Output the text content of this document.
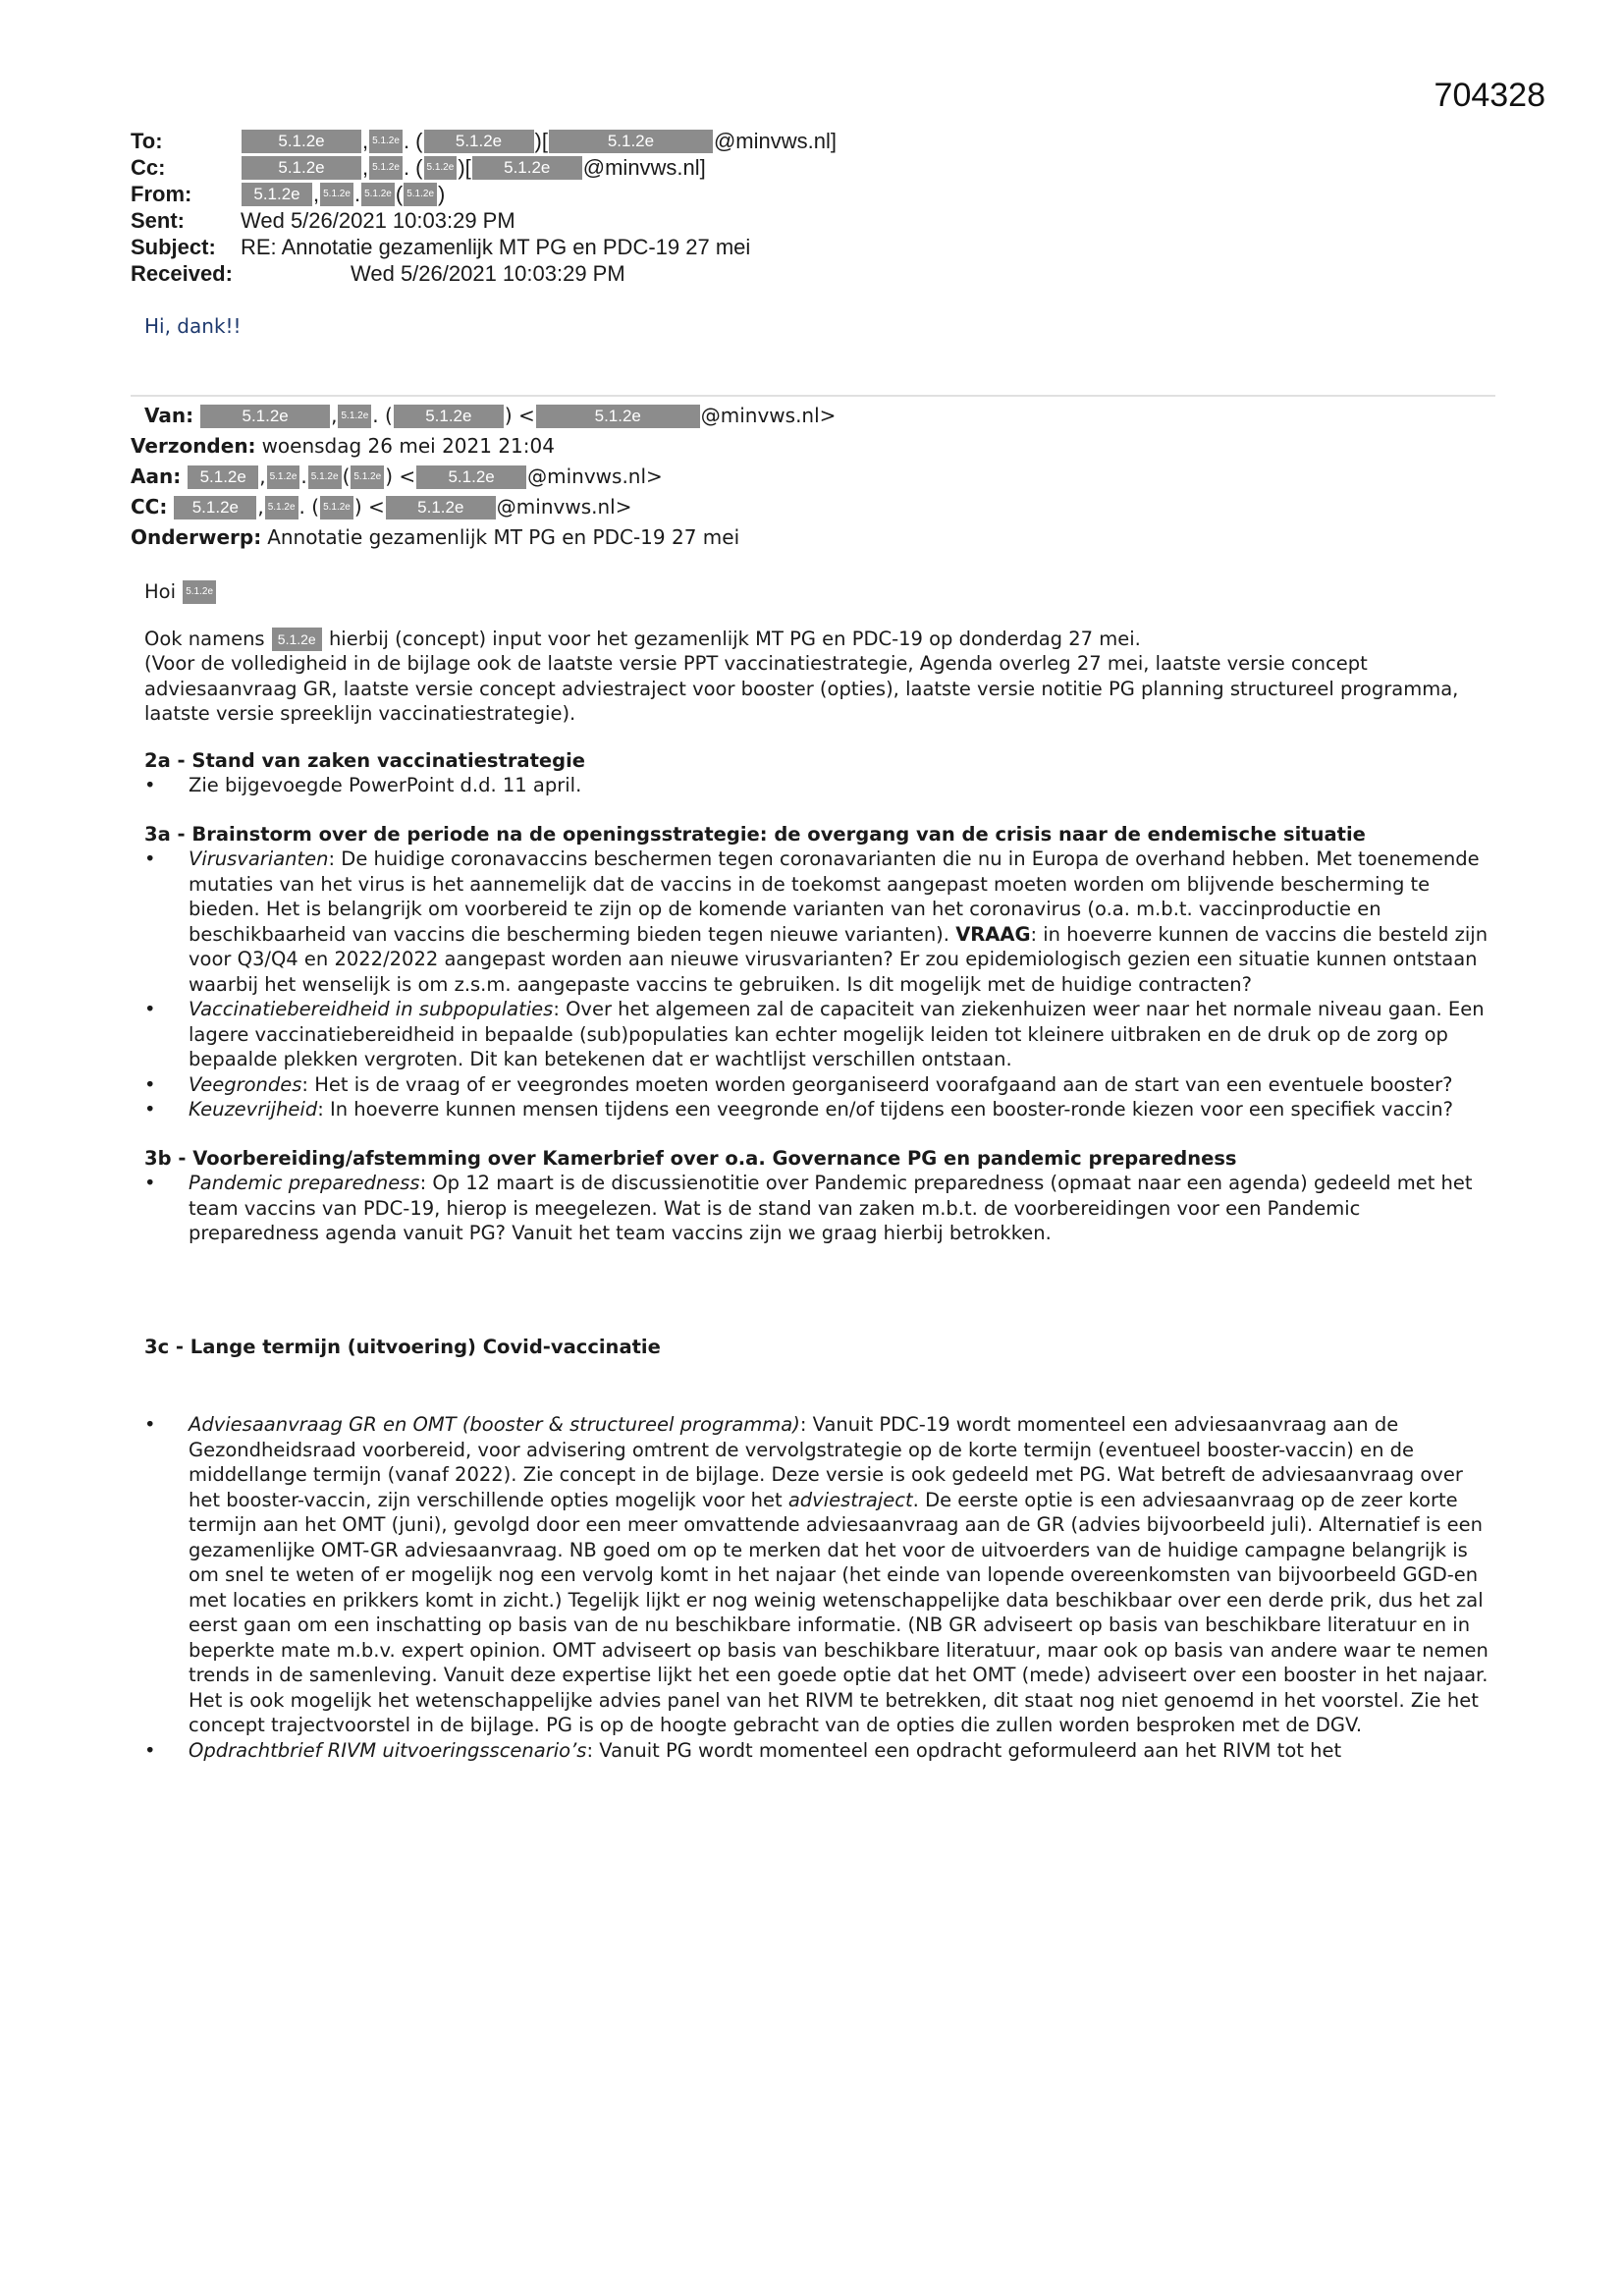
704328
To:	5.1.2e	, 5.1.2e . (	5.1.2e	)[	5.1.2e	@minvws.nl]
Cc:	5.1.2e	, 5.1.2e . ( 5.1.2e )[	5.1.2e	@minvws.nl]
From:	5.1.2e , 5.1.2e . 5.1.2e ( 5.1.2e )
Sent:	Wed 5/26/2021 10:03:29 PM
Subject:	RE: Annotatie gezamenlijk MT PG en PDC-19 27 mei
Received:	Wed 5/26/2021 10:03:29 PM
Hi, dank!!
Van:	5.1.2e	, 5.1.2e . (	5.1.2e	) <	5.1.2e	@minvws.nl>
Verzonden: woensdag 26 mei 2021 21:04
Aan:	5.1.2e , 5.1.2e . 5.1.2e ( 5.1.2e ) <	5.1.2e	@minvws.nl>
CC:	5.1.2e , 5.1.2e . ( 5.1.2e ) <	5.1.2e	@minvws.nl>
Onderwerp: Annotatie gezamenlijk MT PG en PDC-19 27 mei

Hoi
	5.1.2e

Ook namens 5.1.2e hierbij (concept) input voor het gezamenlijk MT PG en PDC-19 op donderdag 27 mei.
(Voor de volledigheid in de bijlage ook de laatste versie PPT vaccinatiestrategie, Agenda overleg 27 mei, laatste versie concept adviesaanvraag GR, laatste versie concept adviestraject voor booster (opties), laatste versie notitie PG planning structureel programma, laatste versie spreeklijn vaccinatiestrategie).

2a - Stand van zaken vaccinatiestrategie

• Zie bijgevoegde PowerPoint d.d. 11 april.

3a - Brainstorm over de periode na de openingsstrategie: de overgang van de crisis naar de endemische situatie

• Virusvarianten: De huidige coronavaccins beschermen tegen coronavarianten die nu in Europa de overhand hebben. Met toenemende mutaties van het virus is het aannemelijk dat de vaccins in de toekomst aangepast moeten worden om blijvende bescherming te bieden. Het is belangrijk om voorbereid te zijn op de komende varianten van het coronavirus (o.a. m.b.t. vaccinproductie en beschikbaarheid van vaccins die bescherming bieden tegen nieuwe varianten). VRAAG: in hoeverre kunnen de vaccins die besteld zijn voor Q3/Q4 en 2022/2022 aangepast worden aan nieuwe virusvarianten? Er zou epidemiologisch gezien een situatie kunnen ontstaan waarbij het wenselijk is om z.s.m. aangepaste vaccins te gebruiken. Is dit mogelijk met de huidige contracten?
• Vaccinatiebereidheid in subpopulaties: Over het algemeen zal de capaciteit van ziekenhuizen weer naar het normale niveau gaan. Een lagere vaccinatiebereidheid in bepaalde (sub)populaties kan echter mogelijk leiden tot kleinere uitbraken en de druk op de zorg op bepaalde plekken vergroten. Dit kan betekenen dat er wachtlijst verschillen ontstaan.
• Veegrondes: Het is de vraag of er veegrondes moeten worden georganiseerd voorafgaand aan de start van een eventuele booster?
• Keuzevrijheid: In hoeverre kunnen mensen tijdens een veegronde en/of tijdens een booster-ronde kiezen voor een specifiek vaccin?

3b - Voorbereiding/afstemming over Kamerbrief over o.a. Governance PG en pandemic preparedness

• Pandemic preparedness: Op 12 maart is de discussienotitie over Pandemic preparedness (opmaat naar een agenda) gedeeld met het team vaccins van PDC-19, hierop is meegelezen. Wat is de stand van zaken m.b.t. de voorbereidingen voor een Pandemic preparedness agenda vanuit PG? Vanuit het team vaccins zijn we graag hierbij betrokken.

3c - Lange termijn (uitvoering) Covid-vaccinatie

• Adviesaanvraag GR en OMT (booster & structureel programma): Vanuit PDC-19 wordt momenteel een adviesaanvraag aan de Gezondheidsraad voorbereid, voor advisering omtrent de vervolgstrategie op de korte termijn (eventueel booster-vaccin) en de middellange termijn (vanaf 2022). Zie concept in de bijlage. Deze versie is ook gedeeld met PG. Wat betreft de adviesaanvraag over het booster-vaccin, zijn verschillende opties mogelijk voor het adviestraject. De eerste optie is een adviesaanvraag op de zeer korte termijn aan het OMT (juni), gevolgd door een meer omvattende adviesaanvraag aan de GR (advies bijvoorbeeld juli). Alternatief is een gezamenlijke OMT-GR adviesaanvraag. NB goed om op te merken dat het voor de uitvoerders van de huidige campagne belangrijk is om snel te weten of er mogelijk nog een vervolg komt in het najaar (het einde van lopende overeenkomsten van bijvoorbeeld GGD-en met locaties en prikkers komt in zicht.) Tegelijk lijkt er nog weinig wetenschappelijke data beschikbaar over een derde prik, dus het zal eerst gaan om een inschatting op basis van de nu beschikbare informatie. (NB GR adviseert op basis van beschikbare literatuur en in beperkte mate m.b.v. expert opinion. OMT adviseert op basis van beschikbare literatuur, maar ook op basis van andere waar te nemen trends in de samenleving. Vanuit deze expertise lijkt het een goede optie dat het OMT (mede) adviseert over een booster in het najaar. Het is ook mogelijk het wetenschappelijke advies panel van het RIVM te betrekken, dit staat nog niet genoemd in het voorstel. Zie het concept trajectvoorstel in de bijlage. PG is op de hoogte gebracht van de opties die zullen worden besproken met de DGV.
• Opdrachtbrief RIVM uitvoeringsscenario’s: Vanuit PG wordt momenteel een opdracht geformuleerd aan het RIVM tot het
